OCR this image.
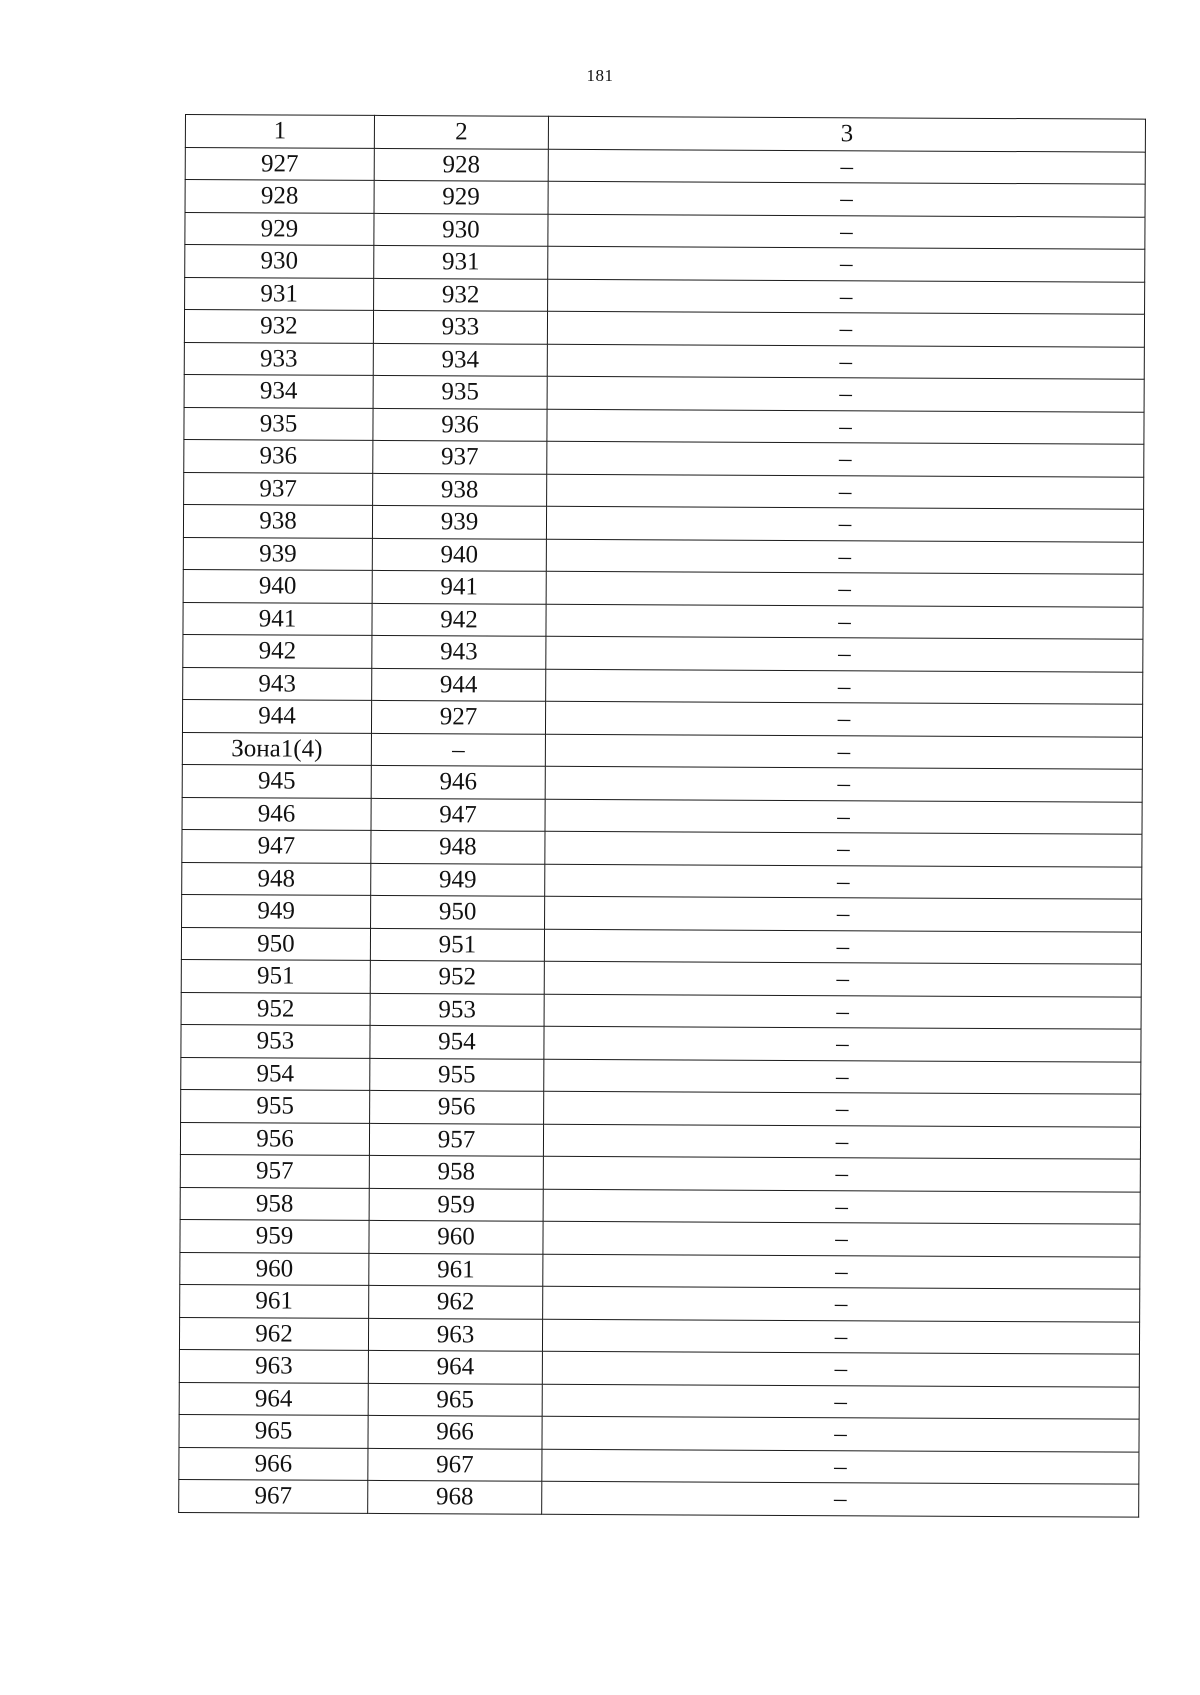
181
1	2	3
927	928	–
928	929	–
929	930	–
930	931	–
931	932	–
932	933	–
933	934	–
934	935	–
935	936	–
936	937	–
937	938	–
938	939	–
939	940	–
940	941	–
941	942	–
942	943	–
943	944	–
944	927	–
Зона1(4)	–	–
945	946	–
946	947	–
947	948	–
948	949	–
949	950	–
950	951	–
951	952	–
952	953	–
953	954	–
954	955	–
955	956	–
956	957	–
957	958	–
958	959	–
959	960	–
960	961	–
961	962	–
962	963	–
963	964	–
964	965	–
965	966	–
966	967	–
967	968	–
